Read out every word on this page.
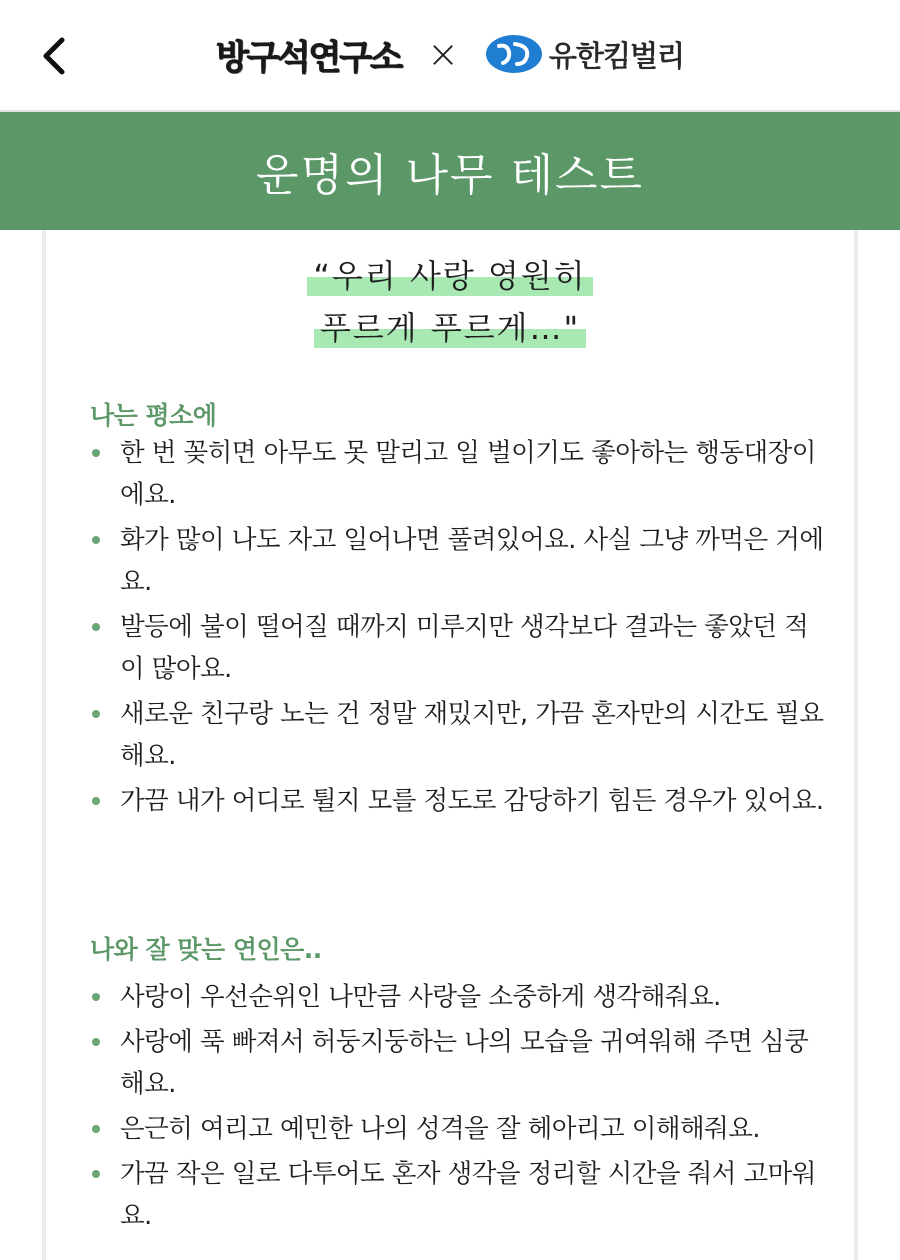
방구석연구소 ×	유한킴벌리
운명의 나무 테스트
“우리 사랑 영원히
푸르게 푸르게…"
나는 평소에
한 번 꽂히면 아무도 못 말리고 일 벌이기도 좋아하는 행동대장이에요.
화가 많이 나도 자고 일어나면 풀려있어요. 사실 그냥 까먹은 거에요.
발등에 불이 떨어질 때까지 미루지만 생각보다 결과는 좋았던 적이 많아요.
새로운 친구랑 노는 건 정말 재밌지만, 가끔 혼자만의 시간도 필요해요.
가끔 내가 어디로 튈지 모를 정도로 감당하기 힘든 경우가 있어요.
나와 잘 맞는 연인은..
사랑이 우선순위인 나만큼 사랑을 소중하게 생각해줘요.
사랑에 푹 빠져서 허둥지둥하는 나의 모습을 귀여워해 주면 심쿵해요.
은근히 여리고 예민한 나의 성격을 잘 헤아리고 이해해줘요.
가끔 작은 일로 다투어도 혼자 생각을 정리할 시간을 줘서 고마워요.
